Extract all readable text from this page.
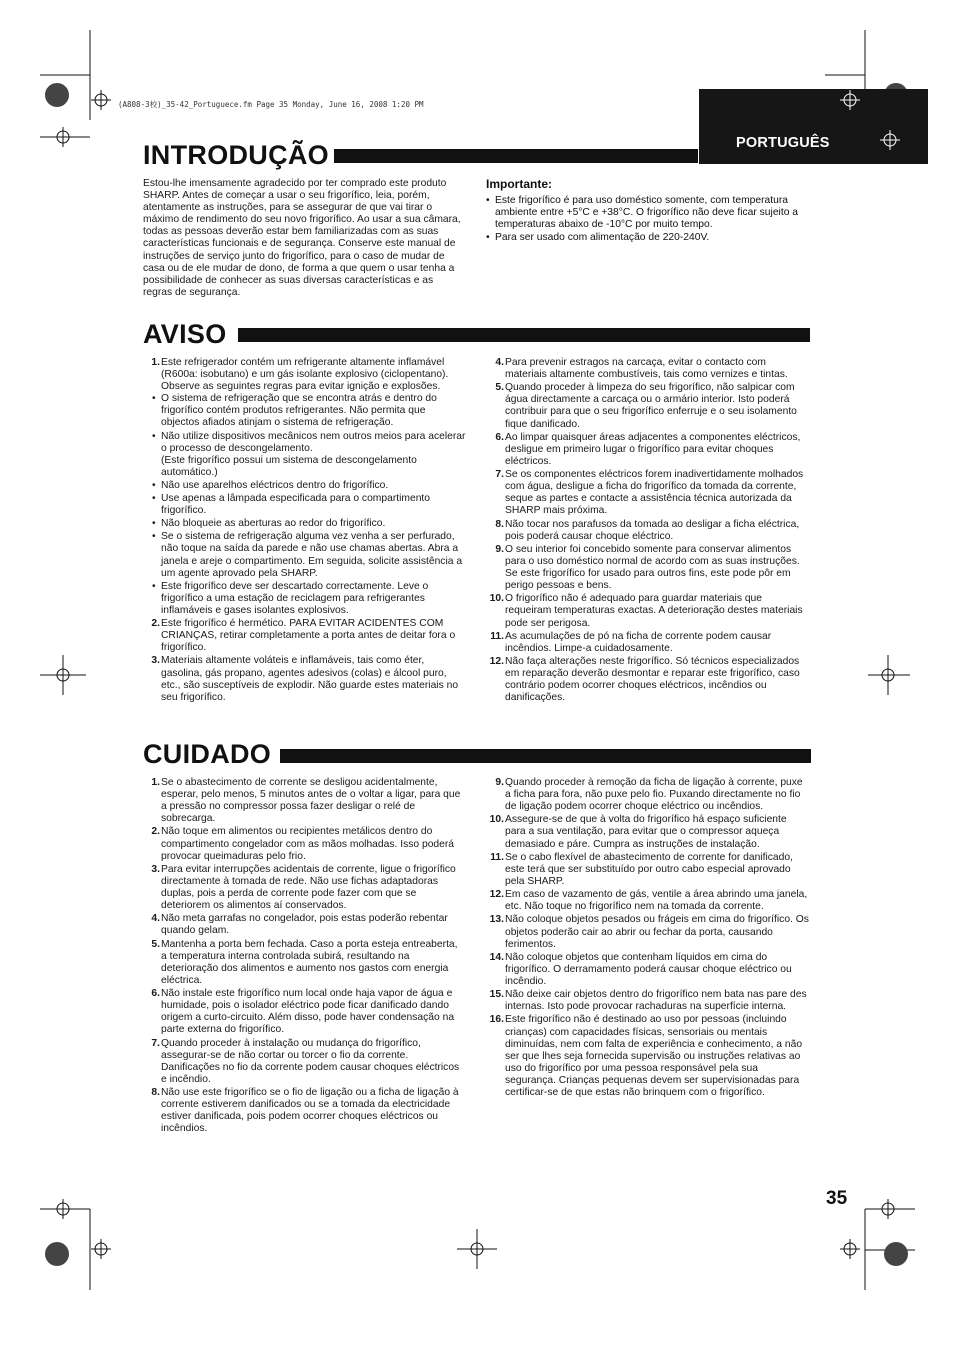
(A808-3校)_35-42_Portuguece.fm Page 35 Monday, June 16, 2008 1:20 PM
PORTUGUÊS
INTRODUÇÃO
Estou-lhe imensamente agradecido por ter comprado este produto SHARP. Antes de começar a usar o seu frigorífico, leia, porém, atentamente as instruções, para se assegurar de que vai tirar o máximo de rendimento do seu novo frigorífico. Ao usar a sua câmara, todas as pessoas deverão estar bem familiarizadas com as suas características funcionais e de segurança. Conserve este manual de instruções de serviço junto do frigorífico, para o caso de mudar de casa ou de ele mudar de dono, de forma a que quem o usar tenha a possibilidade de conhecer as suas diversas características e as regras de segurança.
Importante:
• Este frigorífico é para uso doméstico somente, com temperatura ambiente entre +5°C e +38°C. O frigorífico não deve ficar sujeito a temperaturas abaixo de -10°C por muito tempo.
• Para ser usado com alimentação de 220-240V.
AVISO
1. Este refrigerador contém um refrigerante altamente inflamável (R600a: isobutano) e um gás isolante explosivo (ciclopentano). Observe as seguintes regras para evitar ignição e explosões.
• O sistema de refrigeração que se encontra atrás e dentro do frigorífico contém produtos refrigerantes. Não permita que objectos afiados atinjam o sistema de refrigeração.
• Não utilize dispositivos mecânicos nem outros meios para acelerar o processo de descongelamento.
(Este frigorífico possui um sistema de descongelamento automático.)
• Não use aparelhos eléctricos dentro do frigorífico.
• Use apenas a lâmpada especificada para o compartimento frigorífico.
• Não bloqueie as aberturas ao redor do frigorífico.
• Se o sistema de refrigeração alguma vez venha a ser perfurado, não toque na saída da parede e não use chamas abertas. Abra a janela e areje o compartimento. Em seguida, solicite assistência a um agente aprovado pela SHARP.
• Este frigorífico deve ser descartado correctamente. Leve o frigorífico a uma estação de reciclagem para refrigerantes inflamáveis e gases isolantes explosivos.
2. Este frigorífico é hermético. PARA EVITAR ACIDENTES COM CRIANÇAS, retirar completamente a porta antes de deitar fora o frigorífico.
3. Materiais altamente voláteis e inflamáveis, tais como éter, gasolina, gás propano, agentes adesivos (colas) e álcool puro, etc., são susceptíveis de explodir. Não guarde estes materiais no seu frigorífico.
4. Para prevenir estragos na carcaça, evitar o contacto com materiais altamente combustíveis, tais como vernizes e tintas.
5. Quando proceder à limpeza do seu frigorífico, não salpicar com água directamente a carcaça ou o armário interior. Isto poderá contribuir para que o seu frigorífico enferruje e o seu isolamento fique danificado.
6. Ao limpar quaisquer áreas adjacentes a componentes eléctricos, desligue em primeiro lugar o frigorífico para evitar choques eléctricos.
7. Se os componentes eléctricos forem inadivertidamente molhados com água, desligue a ficha do frigorífico da tomada da corrente, seque as partes e contacte a assistência técnica autorizada da SHARP mais próxima.
8. Não tocar nos parafusos da tomada ao desligar a ficha eléctrica, pois poderá causar choque eléctrico.
9. O seu interior foi concebido somente para conservar alimentos para o uso doméstico normal de acordo com as suas instruções. Se este frigorífico for usado para outros fins, este pode pôr em perigo pessoas e bens.
10. O frigorífico não é adequado para guardar materiais que requeiram temperaturas exactas. A deterioração destes materiais pode ser perigosa.
11. As acumulações de pó na ficha de corrente podem causar incêndios. Limpe-a cuidadosamente.
12. Não faça alterações neste frigorífico. Só técnicos especializados em reparação deverão desmontar e reparar este frigorífico, caso contrário podem ocorrer choques eléctricos, incêndios ou danificações.
CUIDADO
1. Se o abastecimento de corrente se desligou acidentalmente, esperar, pelo menos, 5 minutos antes de o voltar a ligar, para que a pressão no compressor possa fazer desligar o relé de sobrecarga.
2. Não toque em alimentos ou recipientes metálicos dentro do compartimento congelador com as mãos molhadas. Isso poderá provocar queimaduras pelo frio.
3. Para evitar interrupções acidentais de corrente, ligue o frigorífico directamente à tomada de rede. Não use fichas adaptadoras duplas, pois a perda de corrente pode fazer com que se deteriorem os alimentos aí conservados.
4. Não meta garrafas no congelador, pois estas poderão rebentar quando gelam.
5. Mantenha a porta bem fechada. Caso a porta esteja entreaberta, a temperatura interna controlada subirá, resultando na deterioração dos alimentos e aumento nos gastos com energia eléctrica.
6. Não instale este frigorífico num local onde haja vapor de água e humidade, pois o isolador eléctrico pode ficar danificado dando origem a curto-circuito. Além disso, pode haver condensação na parte externa do frigorífico.
7. Quando proceder à instalação ou mudança do frigorífico, assegurar-se de não cortar ou torcer o fio da corrente. Danificações no fio da corrente podem causar choques eléctricos e incêndio.
8. Não use este frigorífico se o fio de ligação ou a ficha de ligação à corrente estiverem danificados ou se a tomada da electricidade estiver danificada, pois podem ocorrer choques eléctricos ou incêndios.
9. Quando proceder à remoção da ficha de ligação à corrente, puxe a ficha para fora, não puxe pelo fio. Puxando directamente no fio de ligação podem ocorrer choque eléctrico ou incêndios.
10. Assegure-se de que à volta do frigorífico há espaço suficiente para a sua ventilação, para evitar que o compressor aqueça demasiado e páre. Cumpra as instruções de instalação.
11. Se o cabo flexível de abastecimento de corrente for danificado, este terá que ser substituído por outro cabo especial aprovado pela SHARP.
12. Em caso de vazamento de gás, ventile a área abrindo uma janela, etc. Não toque no frigorífico nem na tomada da corrente.
13. Não coloque objetos pesados ou frágeis em cima do frigorífico. Os objetos poderão cair ao abrir ou fechar da porta, causando ferimentos.
14. Não coloque objetos que contenham líquidos em cima do frigorífico. O derramamento poderá causar choque eléctrico ou incêndio.
15. Não deixe cair objetos dentro do frigorífico nem bata nas pare des internas. Isto pode provocar rachaduras na superfície interna.
16. Este frigorífico não é destinado ao uso por pessoas (incluindo crianças) com capacidades físicas, sensoriais ou mentais diminuídas, nem com falta de experiência e conhecimento, a não ser que lhes seja fornecida supervisão ou instruções relativas ao uso do frigorífico por uma pessoa responsável pela sua segurança. Crianças pequenas devem ser supervisionadas para certificar-se de que estas não brinquem com o frigorífico.
35
